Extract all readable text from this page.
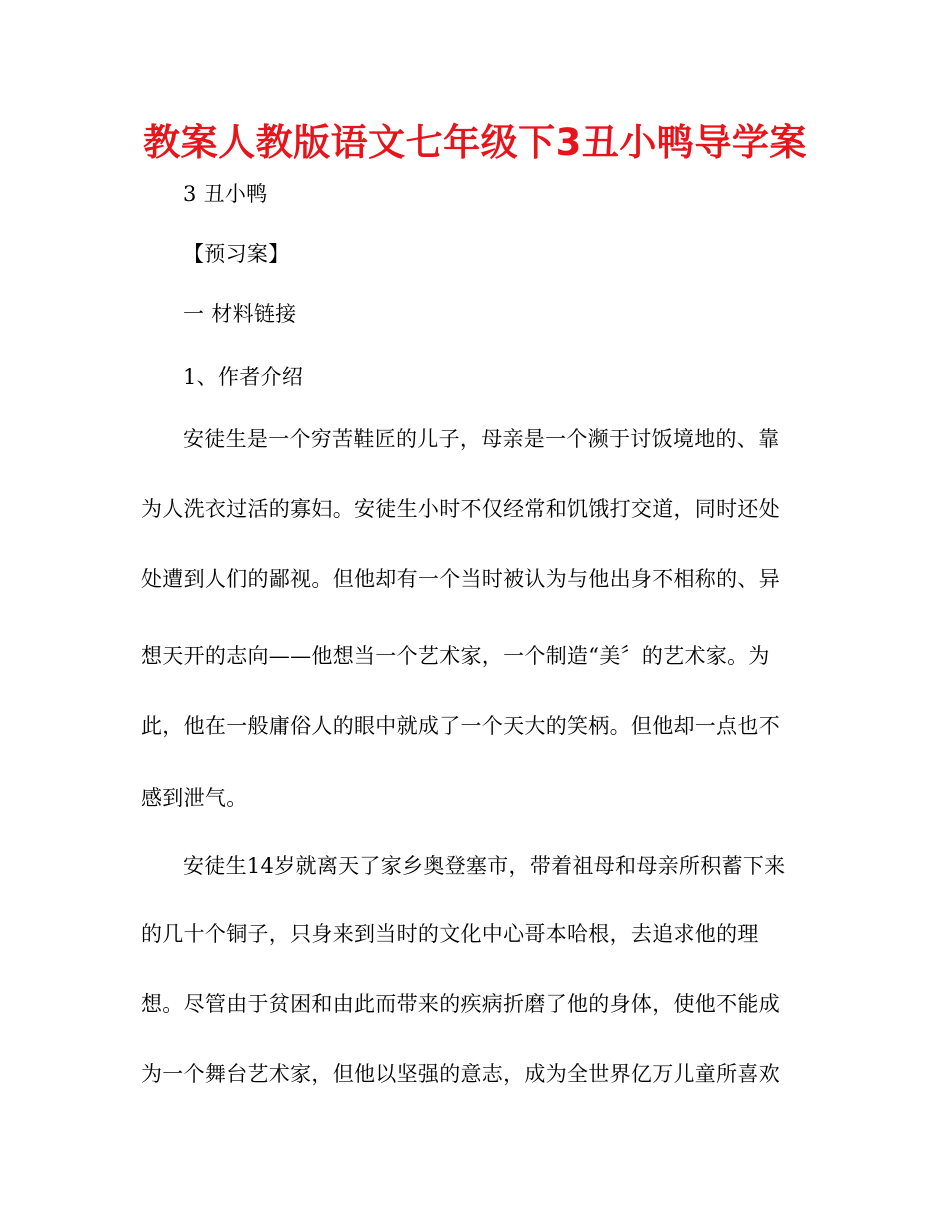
教案人教版语文七年级下3丑小鸭导学案
3 丑小鸭
【预习案】
一 材料链接
1、作者介绍
安徒生是一个穷苦鞋匠的儿子，母亲是一个濒于讨饭境地的、靠
为人洗衣过活的寡妇。安徒生小时不仅经常和饥饿打交道，同时还处
处遭到人们的鄙视。但他却有一个当时被认为与他出身不相称的、异
想天开的志向——他想当一个艺术家，一个制造“美〞的艺术家。为
此，他在一般庸俗人的眼中就成了一个天大的笑柄。但他却一点也不
感到泄气。
安徒生14岁就离天了家乡奥登塞市，带着祖母和母亲所积蓄下来
的几十个铜子，只身来到当时的文化中心哥本哈根，去追求他的理
想。尽管由于贫困和由此而带来的疾病折磨了他的身体，使他不能成
为一个舞台艺术家，但他以坚强的意志，成为全世界亿万儿童所喜欢
